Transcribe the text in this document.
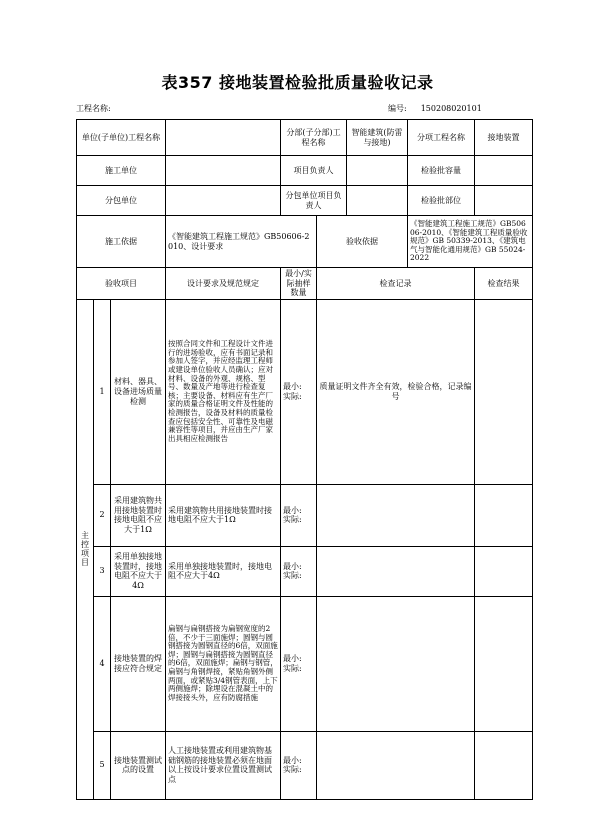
表357 接地装置检验批质量验收记录
工程名称:	编号: 150208020101
单位(子单位)工程名称				分部(子分部)工程名称		智能建筑(防雷与接地)	分项工程名称	接地装置
施工单位				项目负责人			检验批容量	
分包单位				分包单位项目负责人			检验批部位	
施工依据			《智能建筑工程施工规范》GB50606-2010、设计要求		验收依据		《智能建筑工程施工规范》GB50606-2010、《智能建筑工程质量验收规范》GB 50339-2013、《建筑电气与智能化通用规范》GB 55024-2022	
验收项目			设计要求及规范规定	最小/实际抽样数量	检查记录			检查结果
主控项目	1	材料、器具、设备进场质量检测	按照合同文件和工程设计文件进行的进场验收，应有书面记录和参加人签字，并应经监理工程师或建设单位验收人员确认；应对材料、设备的外观、规格、型号、数量及产地等进行检查复核；主要设备、材料应有生产厂家的质量合格证明文件及性能的检测报告，设备及材料的质量检查应包括安全性、可靠性及电磁兼容性等项目，并应由生产厂家出具相应检测报告	最小:
实际:	质量证明文件齐全有效，检验合格，记录编号			
	2	采用建筑物共用接地装置时接地电阻不应大于1Ω	采用建筑物共用接地装置时接地电阻不应大于1Ω	最小:
实际:				

	3	采用单独接地装置时，接地电阻不应大于4Ω	采用单独接地装置时，接地电阻不应大于4Ω	最小:
实际:				

	4	接地装置的焊接应符合规定	扁钢与扁钢搭接为扁钢宽度的2倍，不少于三面施焊；圆钢与圆钢搭接为圆钢直径的6倍，双面施焊；圆钢与扁钢搭接为圆钢直径的6倍，双面施焊；扁钢与钢管，扁钢与角钢焊接，紧贴角钢外侧两面，或紧贴3/4钢管表面，上下两侧施焊；除埋设在混凝土中的焊接接头外，应有防腐措施	最小:
实际:				

	5	接地装置测试点的设置	人工接地装置或利用建筑物基础钢筋的接地装置必须在地面以上按设计要求位置设置测试点	最小:
实际:				
